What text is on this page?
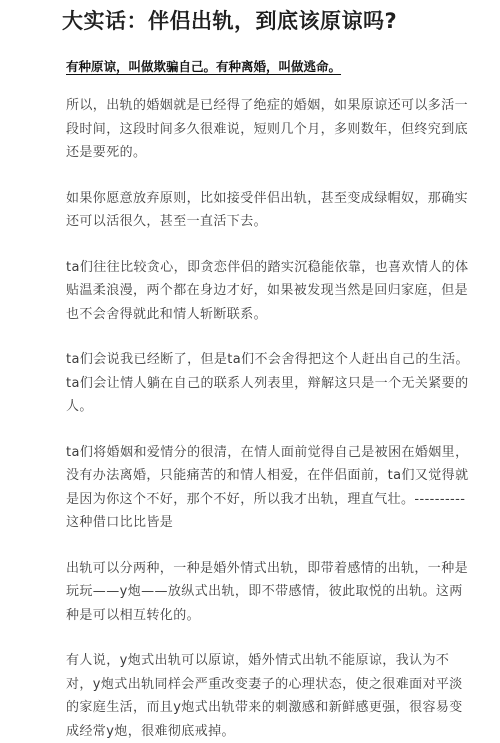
大实话：伴侣出轨，到底该原谅吗?
有种原谅，叫做欺骗自己。有种离婚，叫做逃命。

所以，出轨的婚姻就是已经得了绝症的婚姻，如果原谅还可以多活一段时间，这段时间多久很难说，短则几个月，多则数年，但终究到底还是要死的。

如果你愿意放弃原则，比如接受伴侣出轨，甚至变成绿帽奴，那确实还可以活很久，甚至一直活下去。

ta们往往比较贪心，即贪恋伴侣的踏实沉稳能依靠，也喜欢情人的体贴温柔浪漫，两个都在身边才好，如果被发现当然是回归家庭，但是也不会舍得就此和情人斩断联系。

ta们会说我已经断了，但是ta们不会舍得把这个人赶出自己的生活。ta们会让情人躺在自己的联系人列表里，辩解这只是一个无关紧要的人。

ta们将婚姻和爱情分的很清，在情人面前觉得自己是被困在婚姻里，没有办法离婚，只能痛苦的和情人相爱，在伴侣面前，ta们又觉得就是因为你这个不好，那个不好，所以我才出轨，理直气壮。----------这种借口比比皆是

出轨可以分两种，一种是婚外情式出轨，即带着感情的出轨，一种是玩玩——y炮——放纵式出轨，即不带感情，彼此取悦的出轨。这两种是可以相互转化的。

有人说，y炮式出轨可以原谅，婚外情式出轨不能原谅，我认为不对，y炮式出轨同样会严重改变妻子的心理状态，使之很难面对平淡的家庭生活，而且y炮式出轨带来的刺激感和新鲜感更强，很容易变成经常y炮，很难彻底戒掉。
